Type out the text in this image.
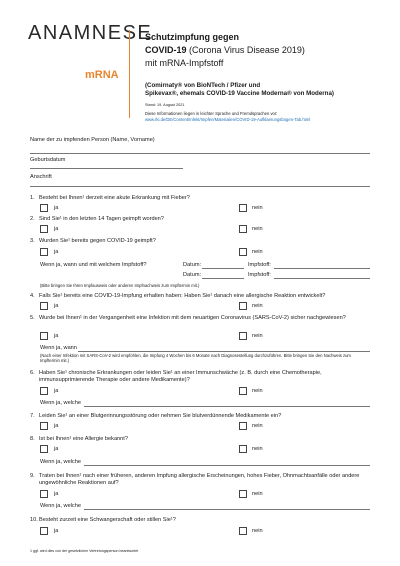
ANAMNESE
mRNA
Schutzimpfung gegen
COVID-19 (Corona Virus Disease 2019)
mit mRNA-Impfstoff
(Comirnaty® von BioNTech / Pfizer und
Spikevax®, ehemals COVID-19 Vaccine Moderna® von Moderna)
Stand: 19. August 2021
Diese Informationen liegen in leichter Sprache und Fremdsprachen vor:
www.rki.de/DE/Content/Infekt/Impfen/Materialien/COVID-19-Aufklaerungsbogen-Tab.html
Name der zu impfenden Person (Name, Vorname)
Geburtsdatum
Anschrift
1. Besteht bei Ihnen¹ derzeit eine akute Erkrankung mit Fieber?
ja	nein
2. Sind Sie¹ in den letzten 14 Tagen geimpft worden?
ja	nein
3. Wurden Sie¹ bereits gegen COVID-19 geimpft?
ja	nein
Wenn ja, wann und mit welchem Impfstoff?	Datum:	Impfstoff:
Datum:	Impfstoff:
(Bitte bringen Sie Ihren Impfausweis oder anderen Impfnachweis zum Impftermin mit.)
4. Falls Sie¹ bereits eine COVID-19-Impfung erhalten haben: Haben Sie¹ danach eine allergische Reaktion entwickelt?
ja	nein
5. Wurde bei Ihnen¹ in der Vergangenheit eine Infektion mit dem neuartigen Coronavirus (SARS-CoV-2) sicher nachgewiesen?
ja	nein
Wenn ja, wann
(Nach einer Infektion mit SARS-CoV-2 wird empfohlen, die Impfung 4 Wochen bis 6 Monate nach Diagnosestellung durchzuführen. Bitte bringen Sie den Nachweis zum Impftermin mit.)
6. Haben Sie¹ chronische Erkrankungen oder leiden Sie¹ an einer Immunschwäche (z. B. durch eine Chemotherapie, immunsupprimierende Therapie oder andere Medikamente)?
ja	nein
Wenn ja, welche
7. Leiden Sie¹ an einer Blutgerinnungsstörung oder nehmen Sie blutverdünnende Medikamente ein?
ja	nein
8. Ist bei Ihnen¹ eine Allergie bekannt?
ja	nein
Wenn ja, welche
9. Traten bei Ihnen¹ nach einer früheren, anderen Impfung allergische Erscheinungen, hohes Fieber, Ohnmachtsanfälle oder andere ungewöhnliche Reaktionen auf?
ja	nein
Wenn ja, welche
10. Besteht zurzeit eine Schwangerschaft oder stillen Sie¹?
ja	nein
1 ggf. wird dies von der gesetzlichen Vertretungsperson beantwortet
